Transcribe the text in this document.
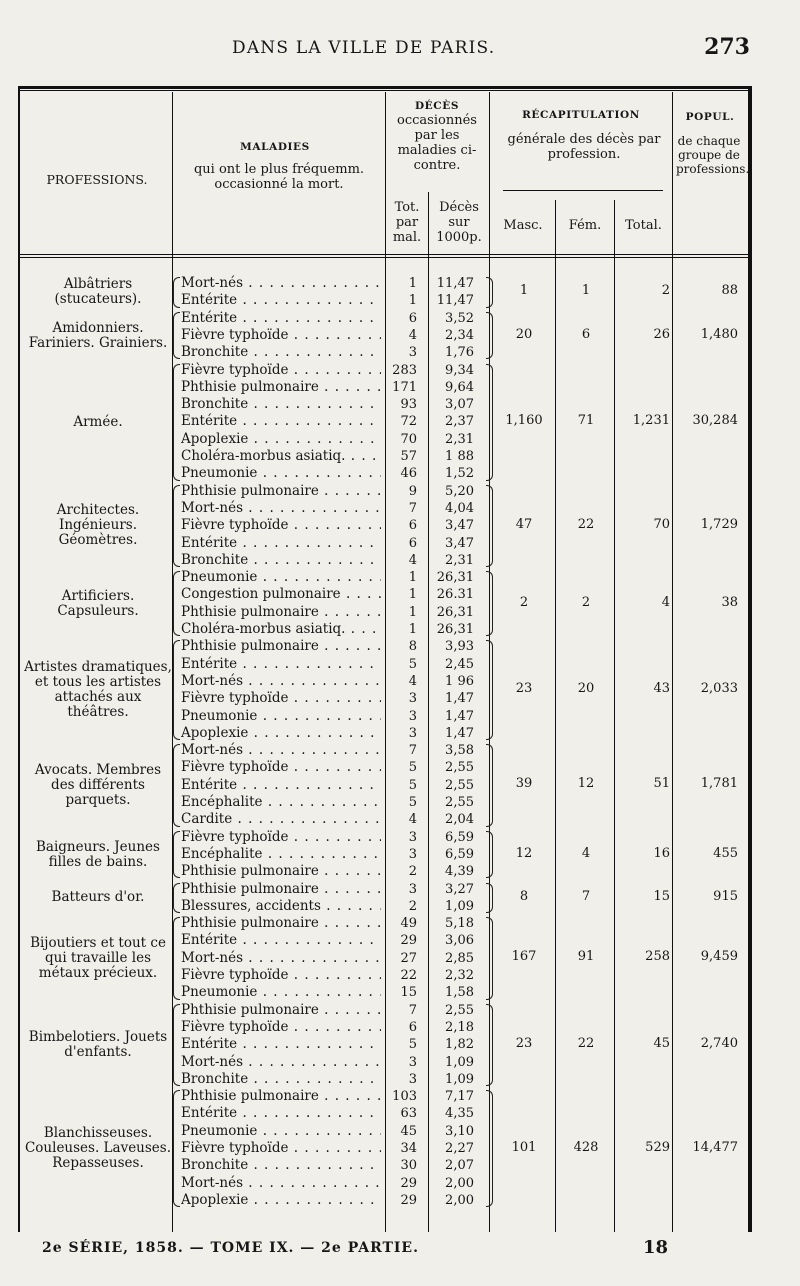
DANS LA VILLE DE PARIS.	273
PROFESSIONS.
MALADIES
qui ont le plus fréquemm. occasionné la mort.
DÉCÈS
occasionnés par les maladies ci-contre.
Tot. par mal.
Décès sur 1000p.
RÉCAPITULATION
générale des décès par profession.
Masc.	Fém.	Total.
POPUL.
de chaque groupe de professions.
Albâtriers (stucateurs).
Mort-nés . . .	1	11,47
Entérite . . .	1	11,47
1	1	2	88
Amidonniers. Fariniers. Grainiers.
Entérite . . .	6	3,52
Fièvre typhoïde . . .	4	2,34
Bronchite . . .	3	1,76
20	6	26	1,480
Armée.
Fièvre typhoïde . . .	283	9,34
Phthisie pulmonaire . . .	171	9,64
Bronchite . . .	93	3,07
Entérite . . .	72	2,37
Apoplexie . . .	70	2,31
Choléra-morbus asiatiq. . . .	57	1 88
Pneumonie . . .	46	1,52
1,160	71	1,231	30,284
Architectes. Ingénieurs. Géomètres.
Phthisie pulmonaire . . .	9	5,20
Mort-nés . . .	7	4,04
Fièvre typhoïde . . .	6	3,47
Entérite . . .	6	3,47
Bronchite . . .	4	2,31
47	22	70	1,729
Artificiers. Capsuleurs.
Pneumonie . . .	1	26,31
Congestion pulmonaire . . .	1	26.31
Phthisie pulmonaire . . .	1	26,31
Choléra-morbus asiatiq. . . .	1	26,31
2	2	4	38
Artistes dramatiques, et tous les artistes attachés aux théâtres.
Phthisie pulmonaire . . .	8	3,93
Entérite . . .	5	2,45
Mort-nés . . .	4	1 96
Fièvre typhoïde . . .	3	1,47
Pneumonie . . .	3	1,47
Apoplexie . . .	3	1,47
23	20	43	2,033
Avocats. Membres des différents parquets.
Mort-nés . . .	7	3,58
Fièvre typhoïde . . .	5	2,55
Entérite . . .	5	2,55
Encéphalite . . .	5	2,55
Cardite . . .	4	2,04
39	12	51	1,781
Baigneurs. Jeunes filles de bains.
Fièvre typhoïde . . .	3	6,59
Encéphalite . . .	3	6,59
Phthisie pulmonaire . . .	2	4,39
12	4	16	455
Batteurs d'or.
Phthisie pulmonaire . . .	3	3,27
Blessures, accidents . . .	2	1,09
8	7	15	915
Bijoutiers et tout ce qui travaille les métaux précieux.
Phthisie pulmonaire . . .	49	5,18
Entérite . . .	29	3,06
Mort-nés . . .	27	2,85
Fièvre typhoïde . . .	22	2,32
Pneumonie . . .	15	1,58
167	91	258	9,459
Bimbelotiers. Jouets d'enfants.
Phthisie pulmonaire . . .	7	2,55
Fièvre typhoïde . . .	6	2,18
Entérite . . .	5	1,82
Mort-nés . . .	3	1,09
Bronchite . . .	3	1,09
23	22	45	2,740
Blanchisseuses. Couleuses. Laveuses. Repasseuses.
Phthisie pulmonaire . . .	103	7,17
Entérite . . .	63	4,35
Pneumonie . . .	45	3,10
Fièvre typhoïde . . .	34	2,27
Bronchite . . .	30	2,07
Mort-nés . . .	29	2,00
Apoplexie . . .	29	2,00
101	428	529	14,477
2e SÉRIE, 1858. — TOME IX. — 2e PARTIE.	18
